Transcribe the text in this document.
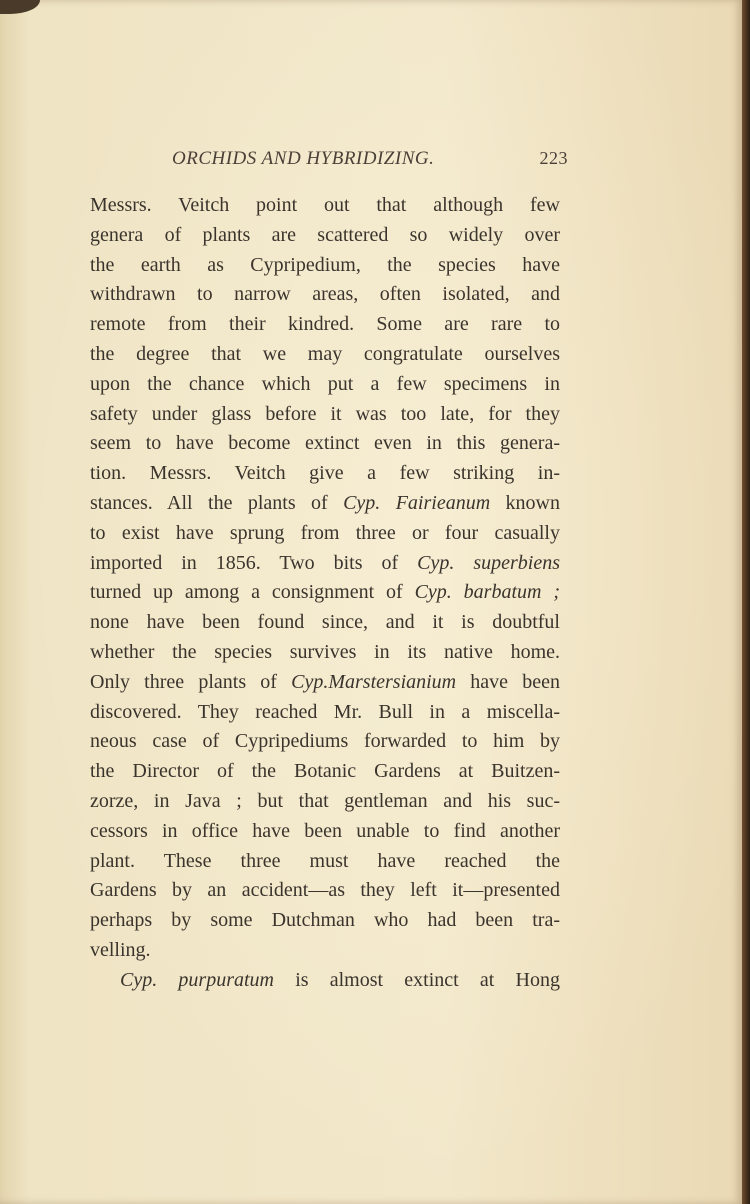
ORCHIDS AND HYBRIDIZING.	223
Messrs. Veitch point out that although few
genera of plants are scattered so widely over
the earth as Cypripedium, the species have
withdrawn to narrow areas, often isolated, and
remote from their kindred. Some are rare to
the degree that we may congratulate ourselves
upon the chance which put a few specimens in
safety under glass before it was too late, for they
seem to have become extinct even in this genera-
tion. Messrs. Veitch give a few striking in-
stances. All the plants of Cyp. Fairieanum known
to exist have sprung from three or four casually
imported in 1856. Two bits of Cyp. superbiens
turned up among a consignment of Cyp. barbatum ;
none have been found since, and it is doubtful
whether the species survives in its native home.
Only three plants of Cyp.Marstersianium have been
discovered. They reached Mr. Bull in a miscella-
neous case of Cypripediums forwarded to him by
the Director of the Botanic Gardens at Buitzen-
zorze, in Java ; but that gentleman and his suc-
cessors in office have been unable to find another
plant. These three must have reached the
Gardens by an accident—as they left it—presented
perhaps by some Dutchman who had been tra-
velling.
Cyp. purpuratum is almost extinct at Hong
